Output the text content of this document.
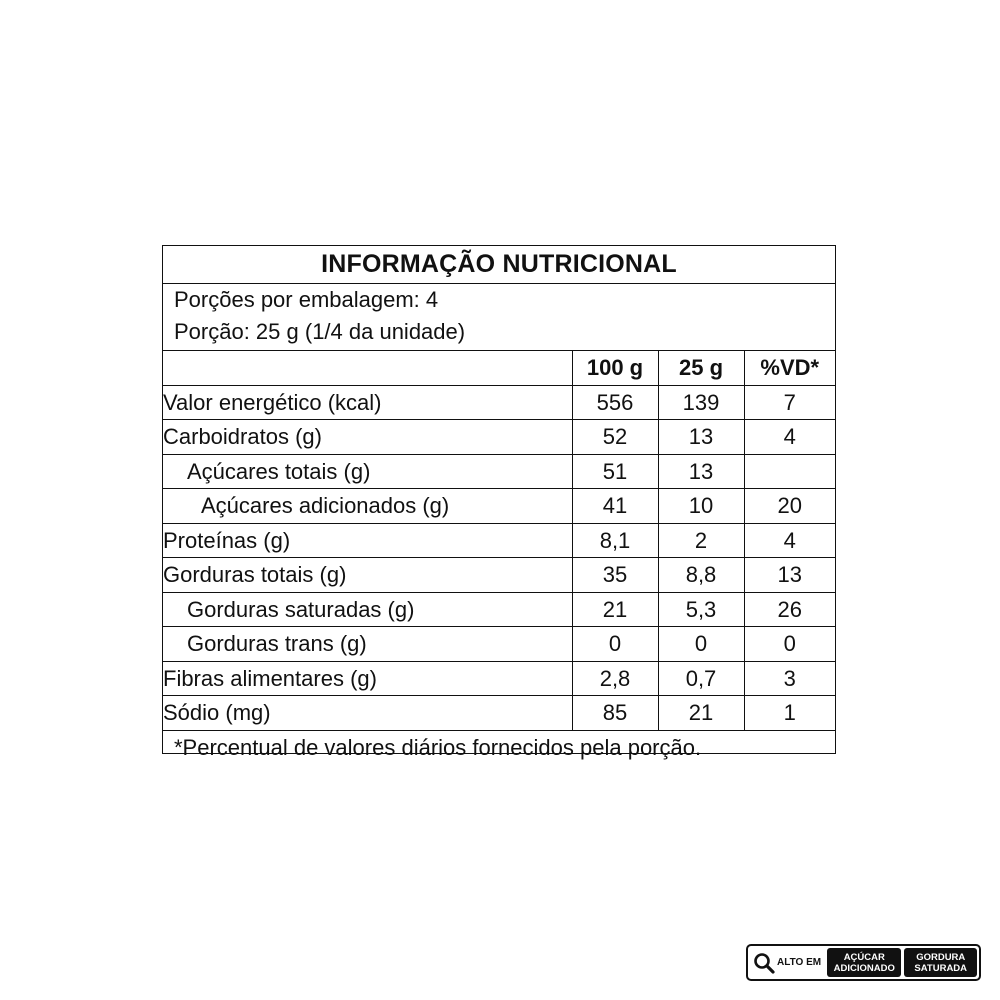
INFORMAÇÃO NUTRICIONAL
Porções por embalagem: 4
Porção: 25 g (1/4 da unidade)
	100 g	25 g	%VD*
Valor energético (kcal)	556	139	7
Carboidratos (g)	52	13	4
Açúcares totais (g)	51	13	
Açúcares adicionados (g)	41	10	20
Proteínas (g)	8,1	2	4
Gorduras totais (g)	35	8,8	13
Gorduras saturadas (g)	21	5,3	26
Gorduras trans (g)	0	0	0
Fibras alimentares (g)	2,8	0,7	3
Sódio (mg)	85	21	1
*Percentual de valores diários fornecidos pela porção.
ALTO EM AÇÚCAR
ADICIONADO
GORDURA
SATURADA
